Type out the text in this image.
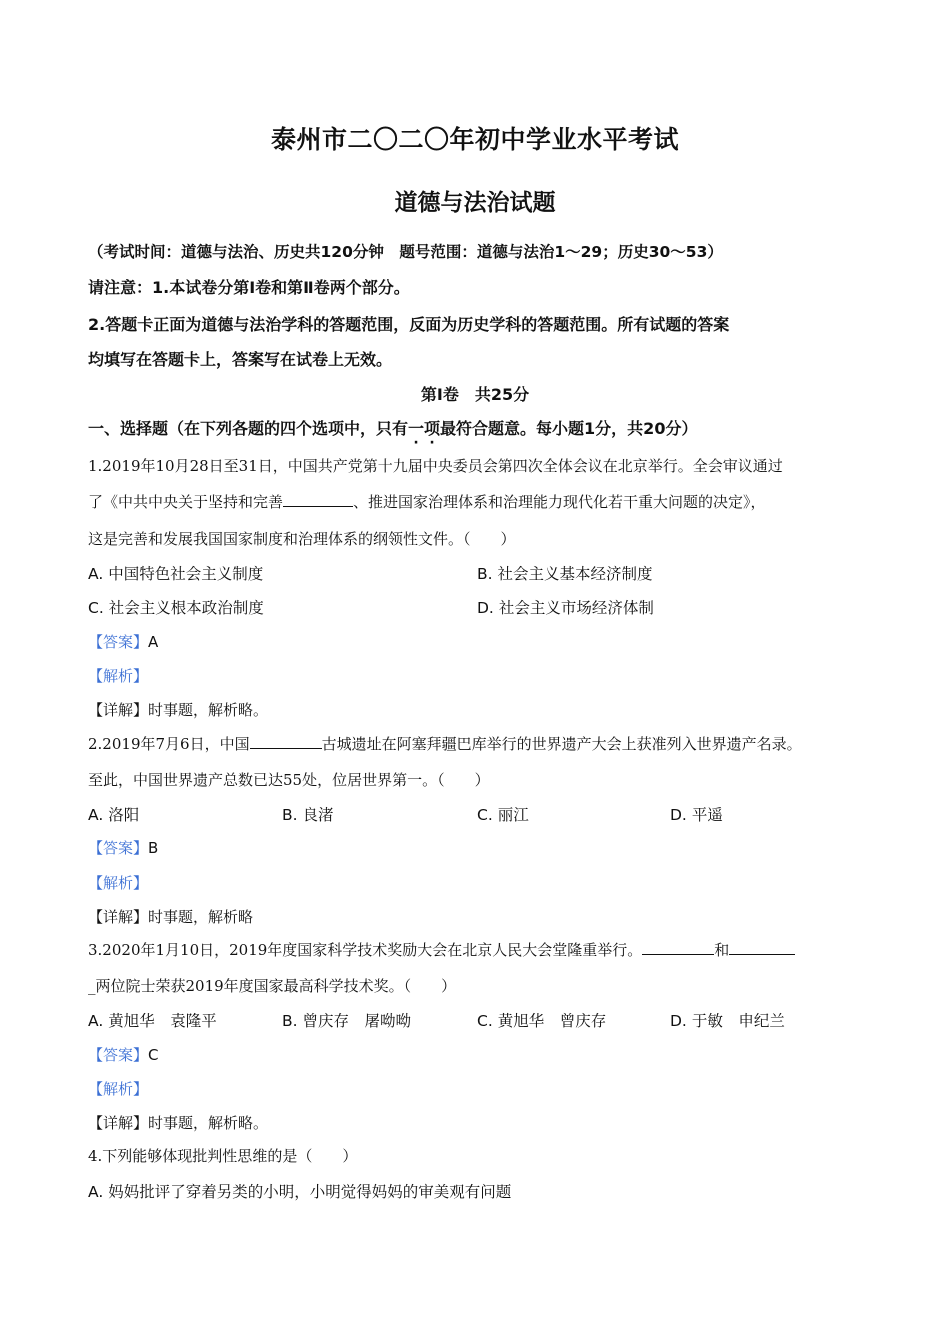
泰州市二〇二〇年初中学业水平考试
道德与法治试题
（考试时间：道德与法治、历史共120分钟　题号范围：道德与法治1～29；历史30～53）
请注意：1.本试卷分第Ⅰ卷和第Ⅱ卷两个部分。
2.答题卡正面为道德与法治学科的答题范围，反面为历史学科的答题范围。所有试题的答案
均填写在答题卡上，答案写在试卷上无效。
第Ⅰ卷　共25分
一、选择题（在下列各题的四个选项中，只有一项最符合题意。每小题1分，共20分）
1.2019年10月28日至31日，中国共产党第十九届中央委员会第四次全体会议在北京举行。全会审议通过
了《中共中央关于坚持和完善	、推进国家治理体系和治理能力现代化若干重大问题的决定》，
这是完善和发展我国国家制度和治理体系的纲领性文件。（　　）
A. 中国特色社会主义制度	B. 社会主义基本经济制度
C. 社会主义根本政治制度	D. 社会主义市场经济体制
【答案】A
【解析】
【详解】时事题，解析略。
2.2019年7月6日，中国	古城遗址在阿塞拜疆巴库举行的世界遗产大会上获准列入世界遗产名录。
至此，中国世界遗产总数已达55处，位居世界第一。（　　）
A. 洛阳	B. 良渚	C. 丽江	D. 平遥
【答案】B
【解析】
【详解】时事题，解析略
3.2020年1月10日，2019年度国家科学技术奖励大会在北京人民大会堂隆重举行。	和
_两位院士荣获2019年度国家最高科学技术奖。（　　）
A. 黄旭华　袁隆平	B. 曾庆存　屠呦呦	C. 黄旭华　曾庆存	D. 于敏　申纪兰
【答案】C
【解析】
【详解】时事题，解析略。
4.下列能够体现批判性思维的是（　　）
A. 妈妈批评了穿着另类的小明，小明觉得妈妈的审美观有问题
